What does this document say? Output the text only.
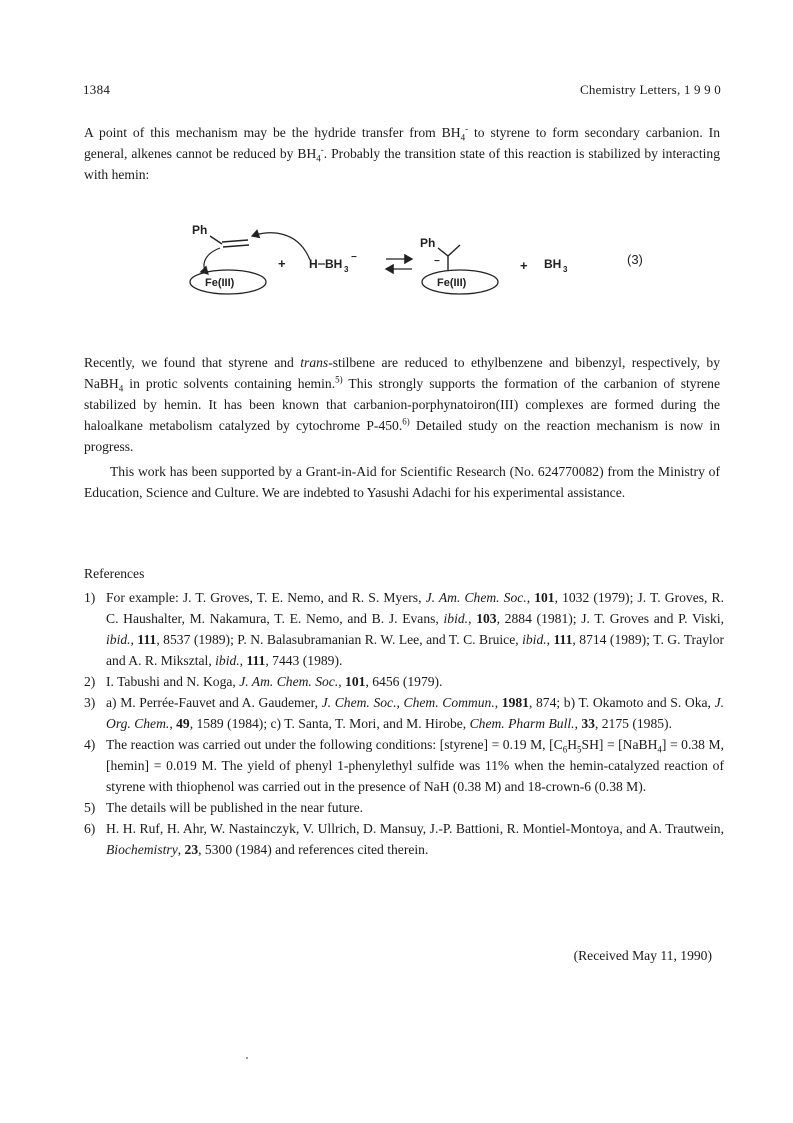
1384	Chemistry Letters, 1 9 9 0
A point of this mechanism may be the hydride transfer from $BH_4^-$ to styrene to form secondary carbanion. In general, alkenes cannot be reduced by $BH_4^-$. Probably the transition state of this reaction is stabilized by interacting with hemin:
Ph
Fe(III)
+ H BH 3
−
Ph
−
Fe(III)
+ BH 3
(3)
Recently, we found that styrene and trans-stilbene are reduced to ethylbenzene and bibenzyl, respectively, by NaBH$_4$ in protic solvents containing hemin.$^{5)}$ This strongly supports the formation of the carbanion of styrene stabilized by hemin. It has been known that carbanion-porphynatoiron(III) complexes are formed during the haloalkane metabolism catalyzed by cytochrome P-450.$^{6)}$ Detailed study on the reaction mechanism is now in progress.
This work has been supported by a Grant-in-Aid for Scientific Research (No. 624770082) from the Ministry of Education, Science and Culture. We are indebted to Yasushi Adachi for his experimental assistance.
References
1) For example: J. T. Groves, T. E. Nemo, and R. S. Myers, J. Am. Chem. Soc., 101, 1032 (1979); J. T. Groves, R. C. Haushalter, M. Nakamura, T. E. Nemo, and B. J. Evans, ibid., 103, 2884 (1981); J. T. Groves and P. Viski, ibid., 111, 8537 (1989); P. N. Balasubramanian R. W. Lee, and T. C. Bruice, ibid., 111, 8714 (1989); T. G. Traylor and A. R. Miksztal, ibid., 111, 7443 (1989).
2) I. Tabushi and N. Koga, J. Am. Chem. Soc., 101, 6456 (1979).
3) a) M. Perrée-Fauvet and A. Gaudemer, J. Chem. Soc., Chem. Commun., 1981, 874; b) T. Okamoto and S. Oka, J. Org. Chem., 49, 1589 (1984); c) T. Santa, T. Mori, and M. Hirobe, Chem. Pharm Bull., 33, 2175 (1985).
4) The reaction was carried out under the following conditions: [styrene] = 0.19 M, $[C_6H_5SH]$ = [NaBH$_4$] = 0.38 M, [hemin] = 0.019 M. The yield of phenyl 1-phenylethyl sulfide was 11% when the hemin-catalyzed reaction of styrene with thiophenol was carried out in the presence of NaH (0.38 M) and 18-crown-6 (0.38 M).
5) The details will be published in the near future.
6) H. H. Ruf, H. Ahr, W. Nastainczyk, V. Ullrich, D. Mansuy, J.-P. Battioni, R. Montiel-Montoya, and A. Trautwein, Biochemistry, 23, 5300 (1984) and references cited therein.
(Received May 11, 1990)
